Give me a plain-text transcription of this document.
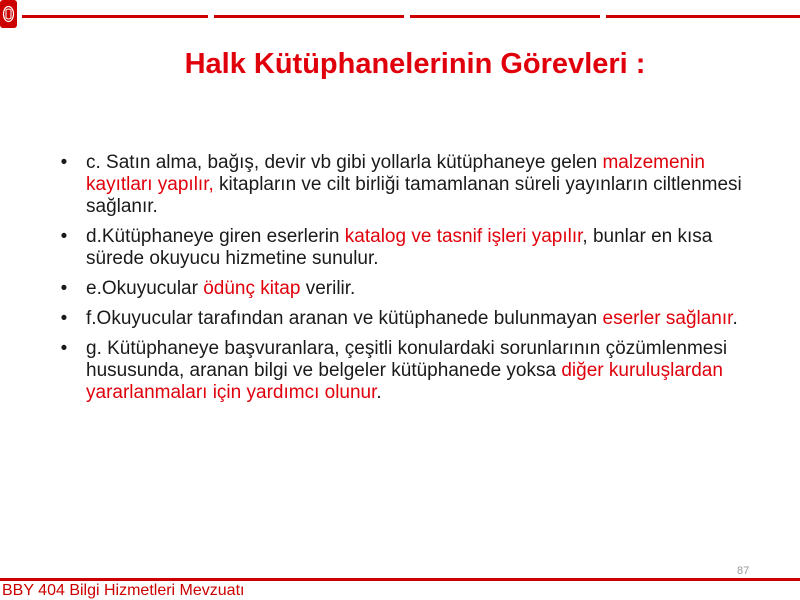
Halk Kütüphanelerinin Görevleri :
• c. Satın alma, bağış, devir vb gibi yollarla kütüphaneye gelen malzemenin kayıtları yapılır, kitapların ve cilt birliği tamamlanan süreli yayınların ciltlenmesi sağlanır.
• d.Kütüphaneye giren eserlerin katalog ve tasnif işleri yapılır, bunlar en kısa sürede okuyucu hizmetine sunulur.
• e.Okuyucular ödünç kitap verilir.
• f.Okuyucular tarafından aranan ve kütüphanede bulunmayan eserler sağlanır.
• g. Kütüphaneye başvuranlara, çeşitli konulardaki sorunlarının çözümlenmesi hususunda, aranan bilgi ve belgeler kütüphanede yoksa diğer kuruluşlardan yararlanmaları için yardımcı olunur.
87
BBY 404 Bilgi Hizmetleri Mevzuatı
